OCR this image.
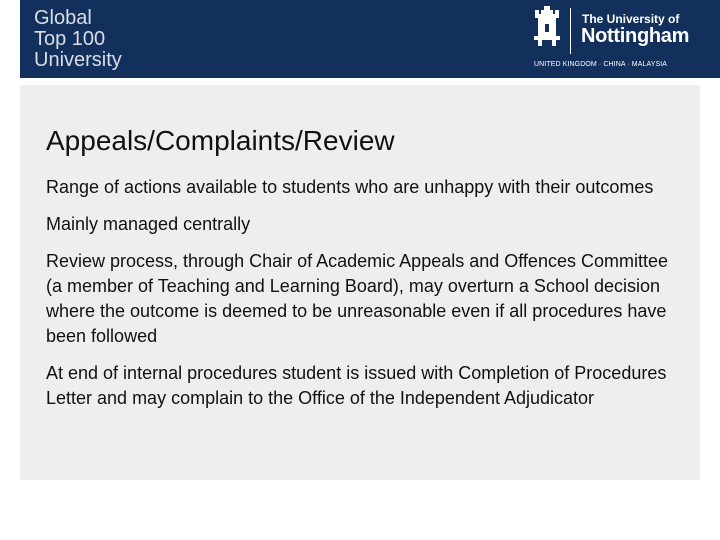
Global
Top 100
University
The University of
Nottingham
UNITED KINGDOM · CHINA · MALAYSIA
Appeals/Complaints/Review
Range of actions available to students who are unhappy with their outcomes
Mainly managed centrally
Review process, through Chair of Academic Appeals and Offences Committee (a member of Teaching and Learning Board), may overturn a School decision where the outcome is deemed to be unreasonable even if all procedures have been followed
At end of internal procedures student is issued with Completion of Procedures Letter and may complain to the Office of the Independent Adjudicator
